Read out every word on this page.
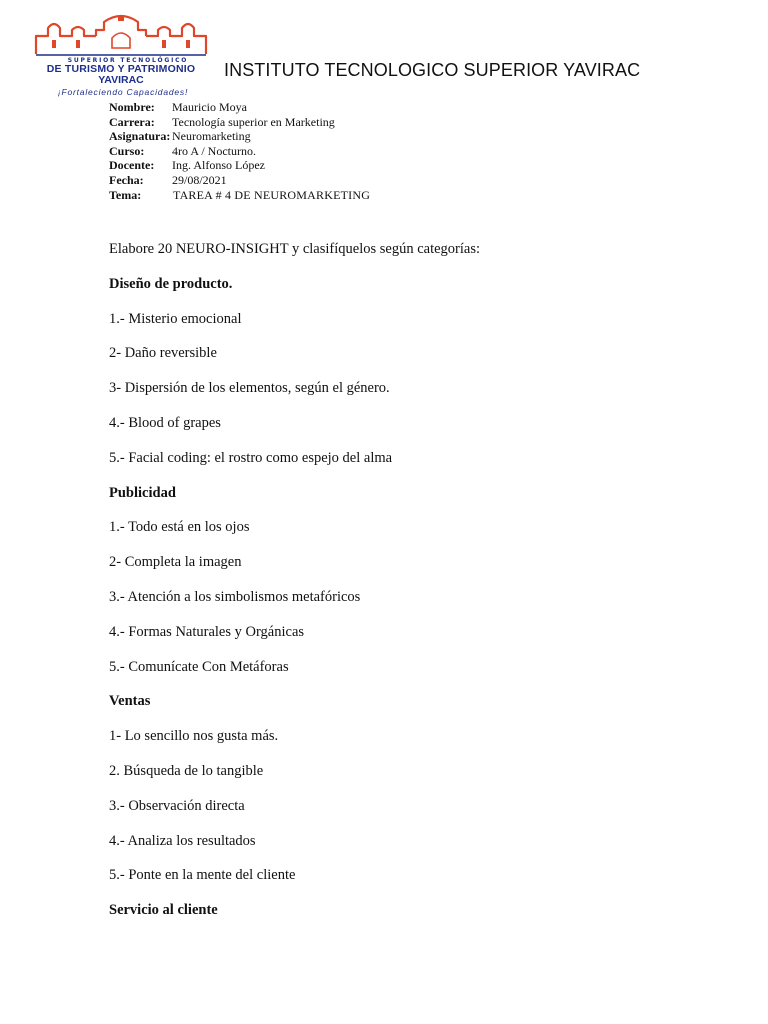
SUPERIOR TECNOLÓGICO
DE TURISMO Y PATRIMONIO
YAVIRAC
¡Fortaleciendo Capacidades!
INSTITUTO TECNOLOGICO SUPERIOR YAVIRAC
Nombre: Mauricio Moya
Carrera: Tecnología superior en Marketing
Asignatura: Neuromarketing
Curso: 4ro A / Nocturno.
Docente: Ing. Alfonso López
Fecha: 29/08/2021
Tema:	TAREA # 4 DE NEUROMARKETING
Elabore 20 NEURO-INSIGHT y clasifíquelos según categorías:
Diseño de producto.
1.- Misterio emocional
2- Daño reversible
3- Dispersión de los elementos, según el género.
4.- Blood of grapes
5.- Facial coding: el rostro como espejo del alma
Publicidad
1.- Todo está en los ojos
2- Completa la imagen
3.- Atención a los simbolismos metafóricos
4.- Formas Naturales y Orgánicas
5.- Comunícate Con Metáforas
Ventas
1- Lo sencillo nos gusta más.
2. Búsqueda de lo tangible
3.- Observación directa
4.- Analiza los resultados
5.- Ponte en la mente del cliente
Servicio al cliente
